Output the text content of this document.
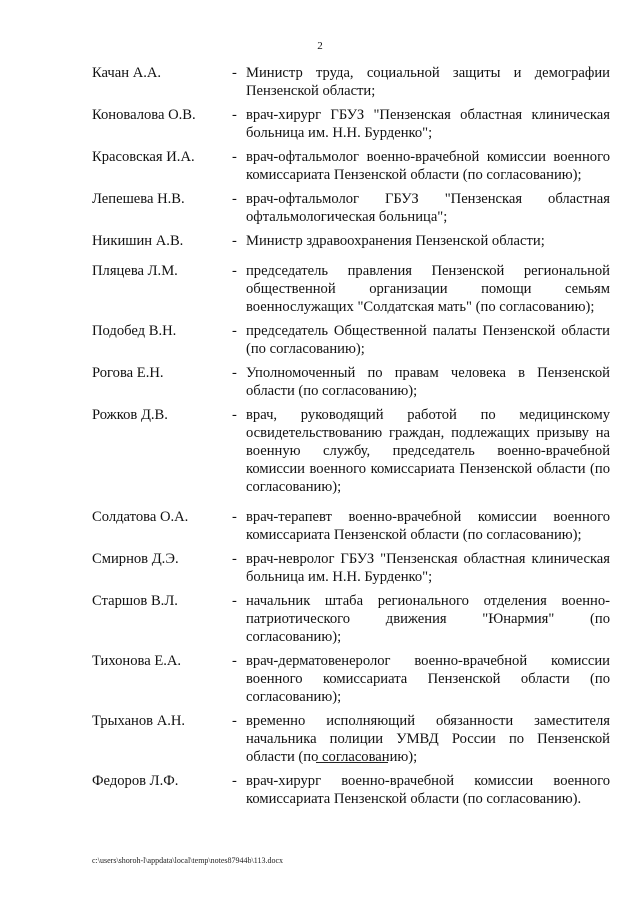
2
Качан А.А.	- Министр труда, социальной защиты и демографии Пензенской области;
Коновалова О.В.	- врач-хирург ГБУЗ "Пензенская областная клиническая больница им. Н.Н. Бурденко";
Красовская И.А.	- врач-офтальмолог военно-врачебной комиссии военного комиссариата Пензенской области (по согласованию);
Лепешева Н.В.	- врач-офтальмолог ГБУЗ "Пензенская областная офтальмологическая больница";
Никишин А.В.	- Министр здравоохранения Пензенской области;
Пляцева Л.М.	- председатель правления Пензенской региональной общественной организации помощи семьям военнослужащих "Солдатская мать" (по согласованию);
Подобед В.Н.	- председатель Общественной палаты Пензенской области (по согласованию);
Рогова Е.Н.	- Уполномоченный по правам человека в Пензенской области (по согласованию);
Рожков Д.В.	- врач, руководящий работой по медицинскому освидетельствованию граждан, подлежащих призыву на военную службу, председатель военно-врачебной комиссии военного комиссариата Пензенской области (по согласованию);
Солдатова О.А.	- врач-терапевт военно-врачебной комиссии военного комиссариата Пензенской области (по согласованию);
Смирнов Д.Э.	- врач-невролог ГБУЗ "Пензенская областная клиническая больница им. Н.Н. Бурденко";
Старшов В.Л.	- начальник штаба регионального отделения военно-патриотического движения "Юнармия" (по согласованию);
Тихонова Е.А.	- врач-дерматовенеролог военно-врачебной комиссии военного комиссариата Пензенской области (по согласованию);
Трыханов А.Н.	- временно исполняющий обязанности заместителя начальника полиции УМВД России по Пензенской области (по согласованию);
Федоров Л.Ф.	- врач-хирург военно-врачебной комиссии военного комиссариата Пензенской области (по согласованию).
c:\users\shoroh-l\appdata\local\temp\notes87944b\113.docx
